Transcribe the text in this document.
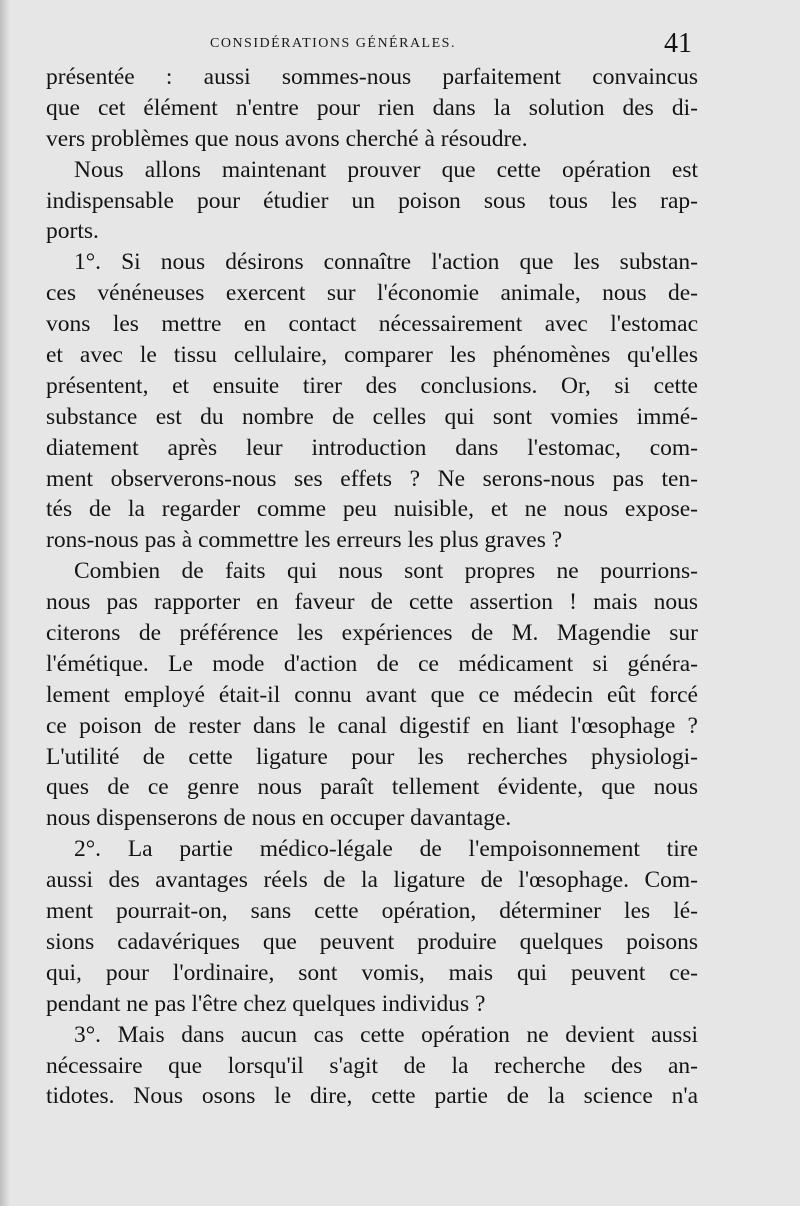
CONSIDÉRATIONS GÉNÉRALES.	41

présentée : aussi sommes-nous parfaitement convaincus
que cet élément n'entre pour rien dans la solution des di-
vers problèmes que nous avons cherché à résoudre.

Nous allons maintenant prouver que cette opération est
indispensable pour étudier un poison sous tous les rap-
ports.

1°. Si nous désirons connaître l'action que les substan-
ces vénéneuses exercent sur l'économie animale, nous de-
vons les mettre en contact nécessairement avec l'estomac
et avec le tissu cellulaire, comparer les phénomènes qu'elles
présentent, et ensuite tirer des conclusions. Or, si cette
substance est du nombre de celles qui sont vomies immé-
diatement après leur introduction dans l'estomac, com-
ment observerons-nous ses effets ? Ne serons-nous pas ten-
tés de la regarder comme peu nuisible, et ne nous expose-
rons-nous pas à commettre les erreurs les plus graves ?

Combien de faits qui nous sont propres ne pourrions-
nous pas rapporter en faveur de cette assertion ! mais nous
citerons de préférence les expériences de M. Magendie sur
l'émétique. Le mode d'action de ce médicament si généra-
lement employé était-il connu avant que ce médecin eût forcé
ce poison de rester dans le canal digestif en liant l'œsophage ?
L'utilité de cette ligature pour les recherches physiologi-
ques de ce genre nous paraît tellement évidente, que nous
nous dispenserons de nous en occuper davantage.

2°. La partie médico-légale de l'empoisonnement tire
aussi des avantages réels de la ligature de l'œsophage. Com-
ment pourrait-on, sans cette opération, déterminer les lé-
sions cadavériques que peuvent produire quelques poisons
qui, pour l'ordinaire, sont vomis, mais qui peuvent ce-
pendant ne pas l'être chez quelques individus ?

3°. Mais dans aucun cas cette opération ne devient aussi
nécessaire que lorsqu'il s'agit de la recherche des an-
tidotes. Nous osons le dire, cette partie de la science n'a
